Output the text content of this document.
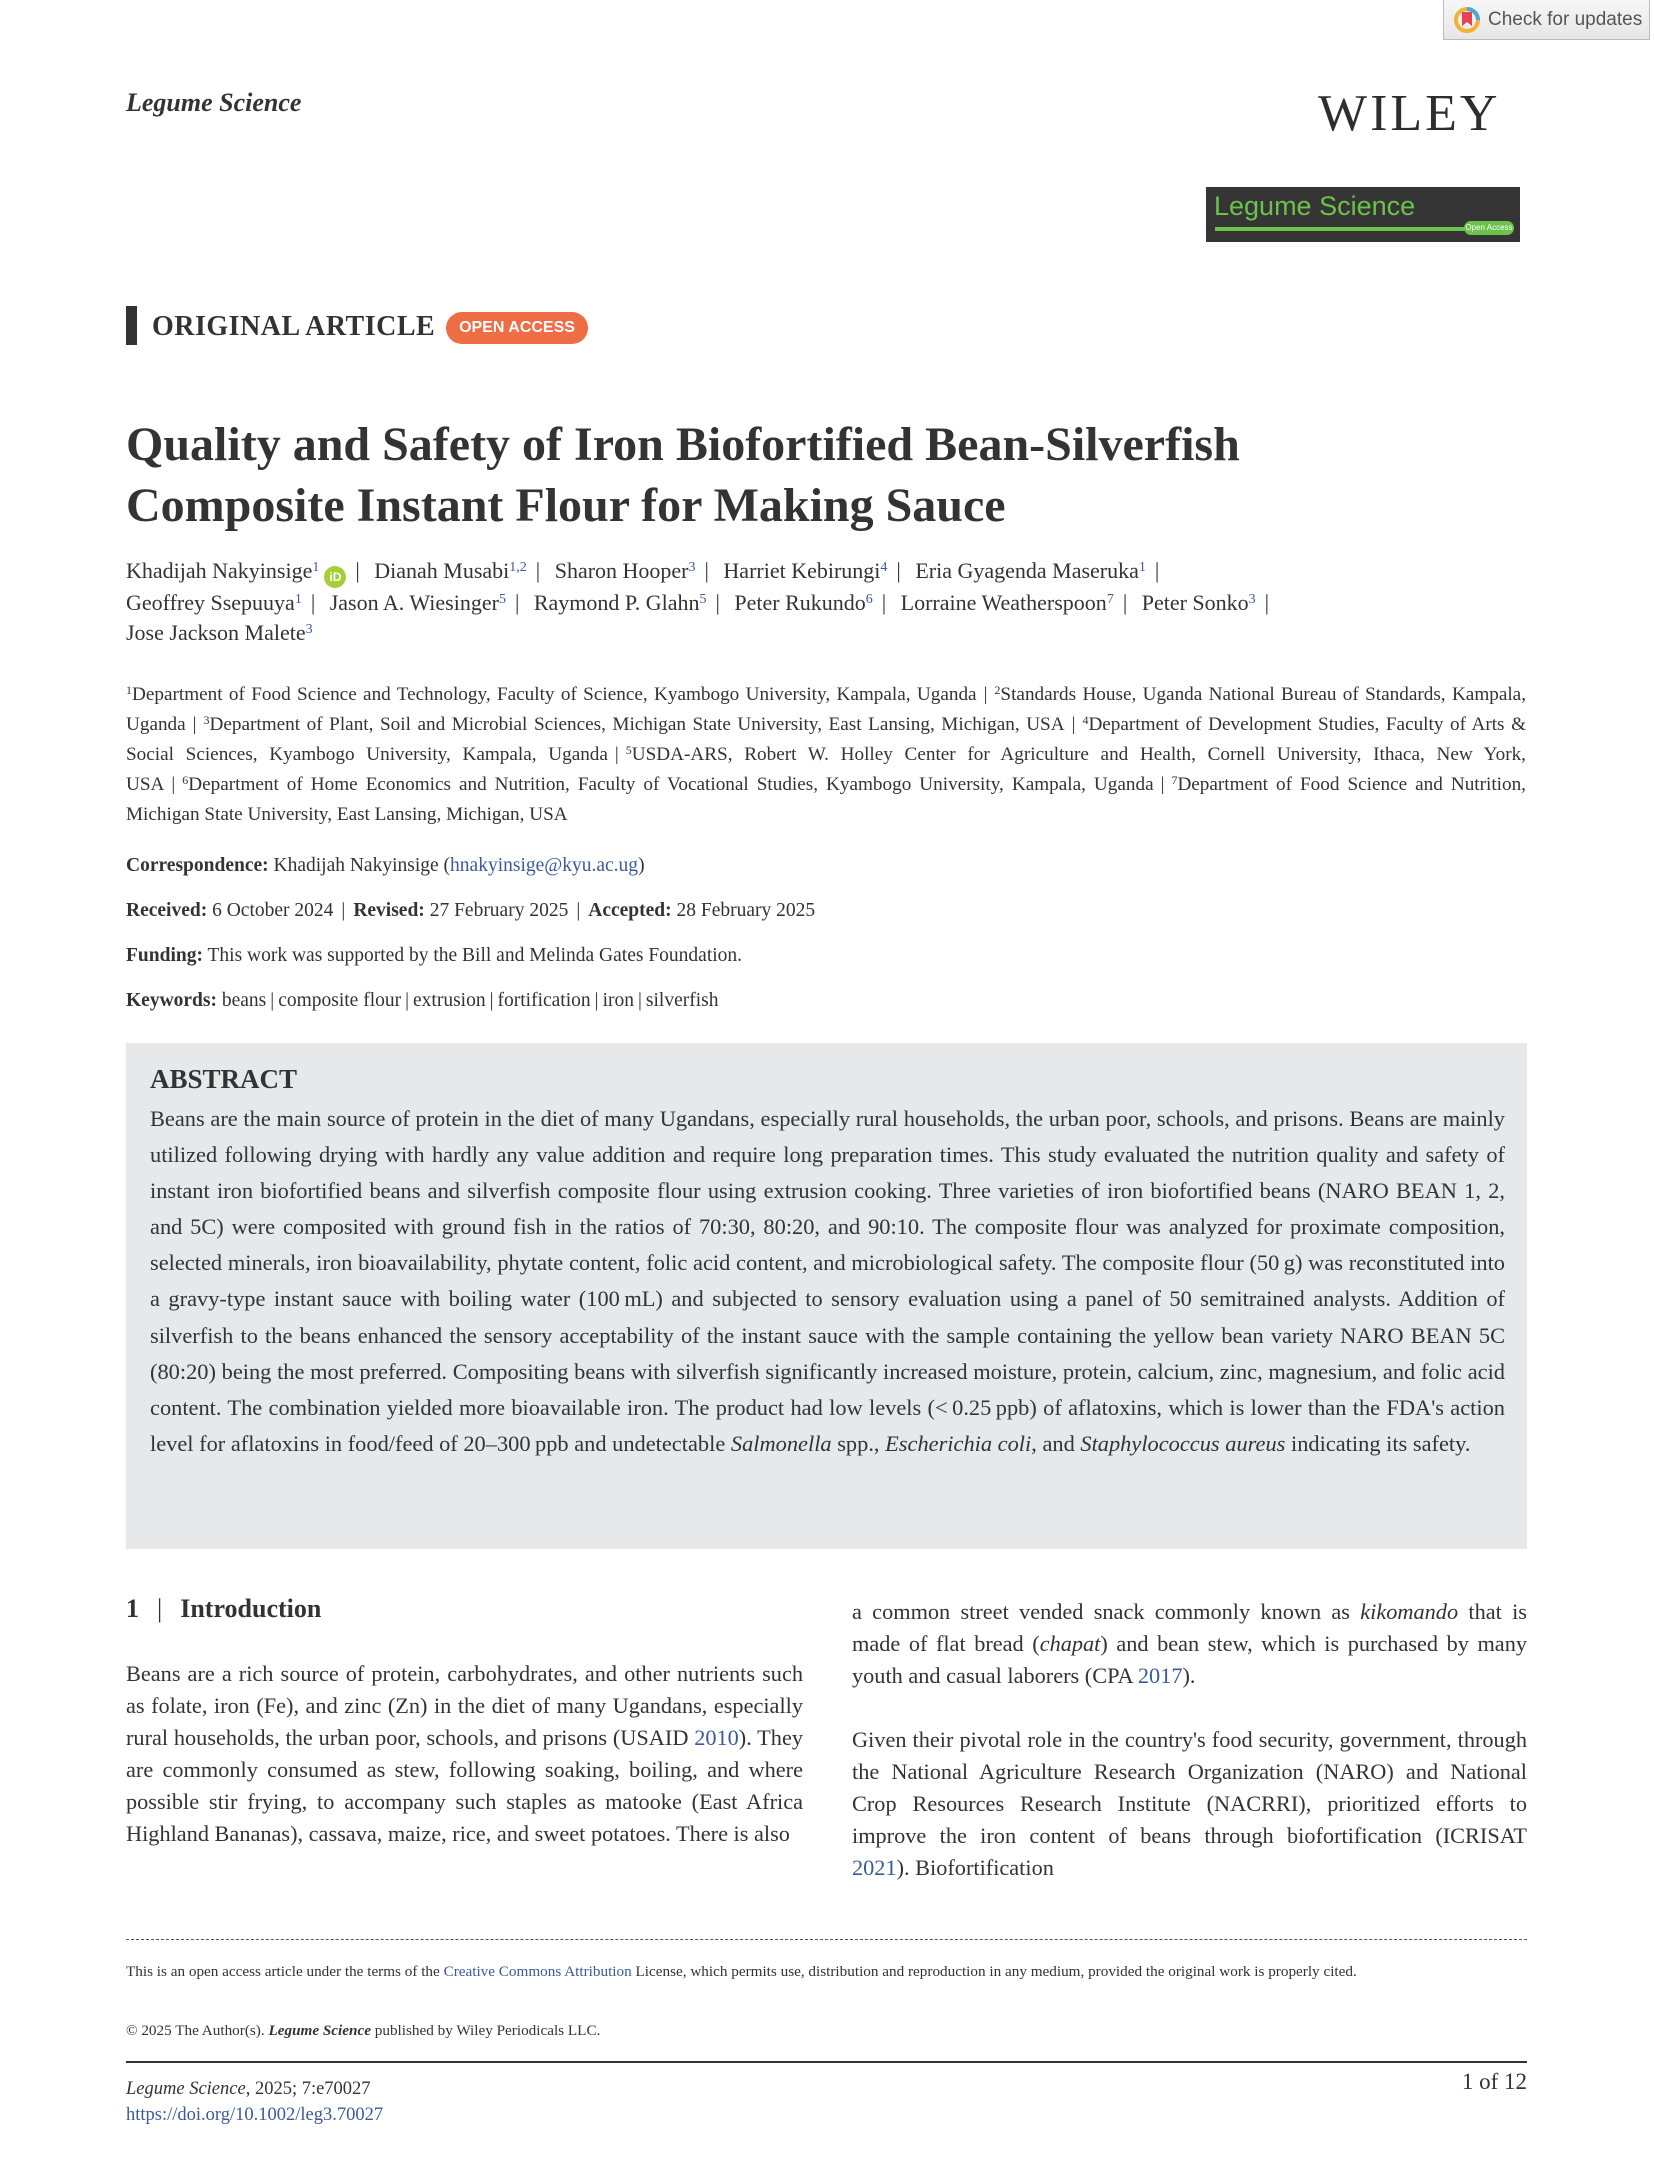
Check for updates
Legume Science	WILEY
Legume Science
Open Access
ORIGINAL ARTICLE	OPEN ACCESS
Quality and Safety of Iron Biofortified Bean-Silverfish
Composite Instant Flour for Making Sauce
Khadijah Nakyinsige$^1$iD | Dianah Musabi$^{1,2}$ | Sharon Hooper$^3$ | Harriet Kebirungi$^4$ | Eria Gyagenda Maseruka$^1$ |
Geoffrey Ssepuuya$^1$ | Jason A. Wiesinger$^5$ | Raymond P. Glahn$^5$ | Peter Rukundo$^6$ | Lorraine Weatherspoon$^7$ | Peter Sonko$^3$ |
Jose Jackson Malete$^3$
$^1$Department of Food Science and Technology, Faculty of Science, Kyambogo University, Kampala, Uganda | $^2$Standards House, Uganda National Bureau of Standards, Kampala, Uganda | $^3$Department of Plant, Soil and Microbial Sciences, Michigan State University, East Lansing, Michigan, USA | $^4$Department of Development Studies, Faculty of Arts & Social Sciences, Kyambogo University, Kampala, Uganda | $^5$USDA-ARS, Robert W. Holley Center for Agriculture and Health, Cornell University, Ithaca, New York, USA | $^6$Department of Home Economics and Nutrition, Faculty of Vocational Studies, Kyambogo University, Kampala, Uganda | $^7$Department of Food Science and Nutrition, Michigan State University, East Lansing, Michigan, USA
Correspondence: Khadijah Nakyinsige (hnakyinsige@kyu.ac.ug)
Received: 6 October 2024 | Revised: 27 February 2025 | Accepted: 28 February 2025
Funding: This work was supported by the Bill and Melinda Gates Foundation.
Keywords: beans | composite flour | extrusion | fortification | iron | silverfish
ABSTRACT
Beans are the main source of protein in the diet of many Ugandans, especially rural households, the urban poor, schools, and prisons. Beans are mainly utilized following drying with hardly any value addition and require long preparation times. This study evaluated the nutrition quality and safety of instant iron biofortified beans and silverfish composite flour using extrusion cooking. Three varieties of iron biofortified beans (NARO BEAN 1, 2, and 5C) were composited with ground fish in the ratios of 70:30, 80:20, and 90:10. The composite flour was analyzed for proximate composition, selected minerals, iron bioavailability, phytate content, folic acid content, and microbiological safety. The composite flour (50 g) was reconstituted into a gravy-type instant sauce with boiling water (100 mL) and subjected to sensory evaluation using a panel of 50 semitrained analysts. Addition of silverfish to the beans enhanced the sensory acceptability of the instant sauce with the sample containing the yellow bean variety NARO BEAN 5C (80:20) being the most preferred. Compositing beans with silverfish significantly increased moisture, protein, calcium, zinc, magnesium, and folic acid content. The combination yielded more bioavailable iron. The product had low levels (< 0.25 ppb) of aflatoxins, which is lower than the FDA's action level for aflatoxins in food/feed of 20–300 ppb and undetectable Salmonella spp., Escherichia coli, and Staphylococcus aureus indicating its safety.
1 | Introduction

Beans are a rich source of protein, carbohydrates, and other nutrients such as folate, iron (Fe), and zinc (Zn) in the diet of many Ugandans, especially rural households, the urban poor, schools, and prisons (USAID 2010). They are commonly consumed as stew, following soaking, boiling, and where possible stir frying, to accompany such staples as matooke (East Africa Highland Bananas), cassava, maize, rice, and sweet potatoes. There is also

a common street vended snack commonly known as kikomando that is made of flat bread (chapat) and bean stew, which is purchased by many youth and casual laborers (CPA 2017).

Given their pivotal role in the country's food security, government, through the National Agriculture Research Organization (NARO) and National Crop Resources Research Institute (NACRRI), prioritized efforts to improve the iron content of beans through biofortification (ICRISAT 2021). Biofortification

This is an open access article under the terms of the Creative Commons Attribution License, which permits use, distribution and reproduction in any medium, provided the original work is properly cited.
© 2025 The Author(s). Legume Science published by Wiley Periodicals LLC.
Legume Science, 2025; 7:e70027
https://doi.org/10.1002/leg3.70027
1 of 12
